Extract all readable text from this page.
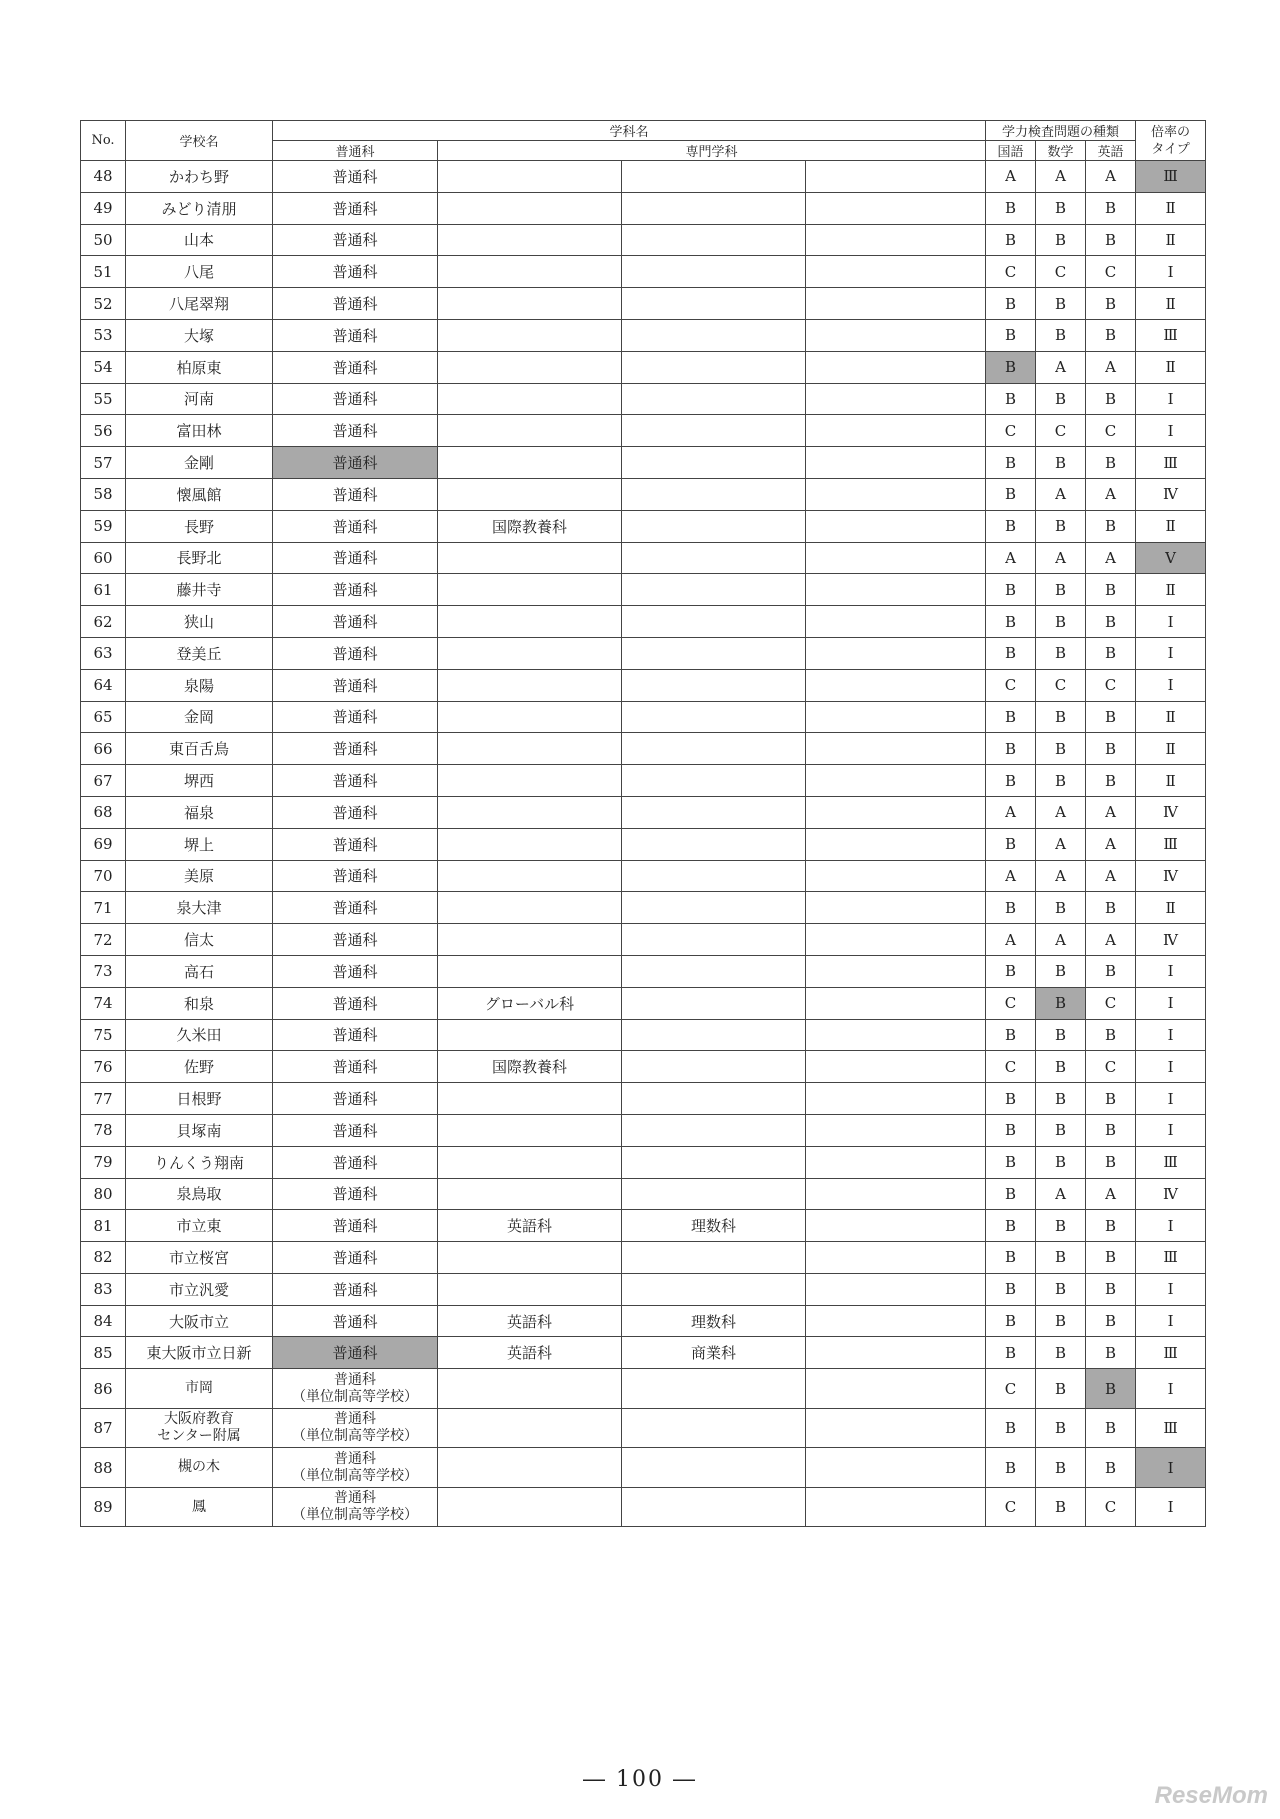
No.	学校名	学科名				学力検査問題の種類			倍率の
タイプ

		普通科	専門学科			国語	数学	英語	
48	かわち野	普通科				A	A	A	Ⅲ
49	みどり清朋	普通科				B	B	B	Ⅱ
50	山本	普通科				B	B	B	Ⅱ
51	八尾	普通科				C	C	C	Ⅰ
52	八尾翠翔	普通科				B	B	B	Ⅱ
53	大塚	普通科				B	B	B	Ⅲ
54	柏原東	普通科				B	A	A	Ⅱ
55	河南	普通科				B	B	B	Ⅰ
56	富田林	普通科				C	C	C	Ⅰ
57	金剛	普通科				B	B	B	Ⅲ
58	懐風館	普通科				B	A	A	Ⅳ
59	長野	普通科	国際教養科			B	B	B	Ⅱ
60	長野北	普通科				A	A	A	Ⅴ
61	藤井寺	普通科				B	B	B	Ⅱ
62	狭山	普通科				B	B	B	Ⅰ
63	登美丘	普通科				B	B	B	Ⅰ
64	泉陽	普通科				C	C	C	Ⅰ
65	金岡	普通科				B	B	B	Ⅱ
66	東百舌鳥	普通科				B	B	B	Ⅱ
67	堺西	普通科				B	B	B	Ⅱ
68	福泉	普通科				A	A	A	Ⅳ
69	堺上	普通科				B	A	A	Ⅲ
70	美原	普通科				A	A	A	Ⅳ
71	泉大津	普通科				B	B	B	Ⅱ
72	信太	普通科				A	A	A	Ⅳ
73	高石	普通科				B	B	B	Ⅰ
74	和泉	普通科	グローバル科			C	B	C	Ⅰ
75	久米田	普通科				B	B	B	Ⅰ
76	佐野	普通科	国際教養科			C	B	C	Ⅰ
77	日根野	普通科				B	B	B	Ⅰ
78	貝塚南	普通科				B	B	B	Ⅰ
79	りんくう翔南	普通科				B	B	B	Ⅲ
80	泉鳥取	普通科				B	A	A	Ⅳ
81	市立東	普通科	英語科	理数科		B	B	B	Ⅰ
82	市立桜宮	普通科				B	B	B	Ⅲ
83	市立汎愛	普通科				B	B	B	Ⅰ
84	大阪市立	普通科	英語科	理数科		B	B	B	Ⅰ
85	東大阪市立日新	普通科	英語科	商業科		B	B	B	Ⅲ
86	市岡	普通科
（単位制高等学校）				C	B	B	Ⅰ
87	大阪府教育
センター附属	普通科
（単位制高等学校）				B	B	B	Ⅲ
88	槻の木	普通科
（単位制高等学校）				B	B	B	Ⅰ
89	鳳	普通科
（単位制高等学校）				C	B	C	Ⅰ
― 100 ―
ReseMom
